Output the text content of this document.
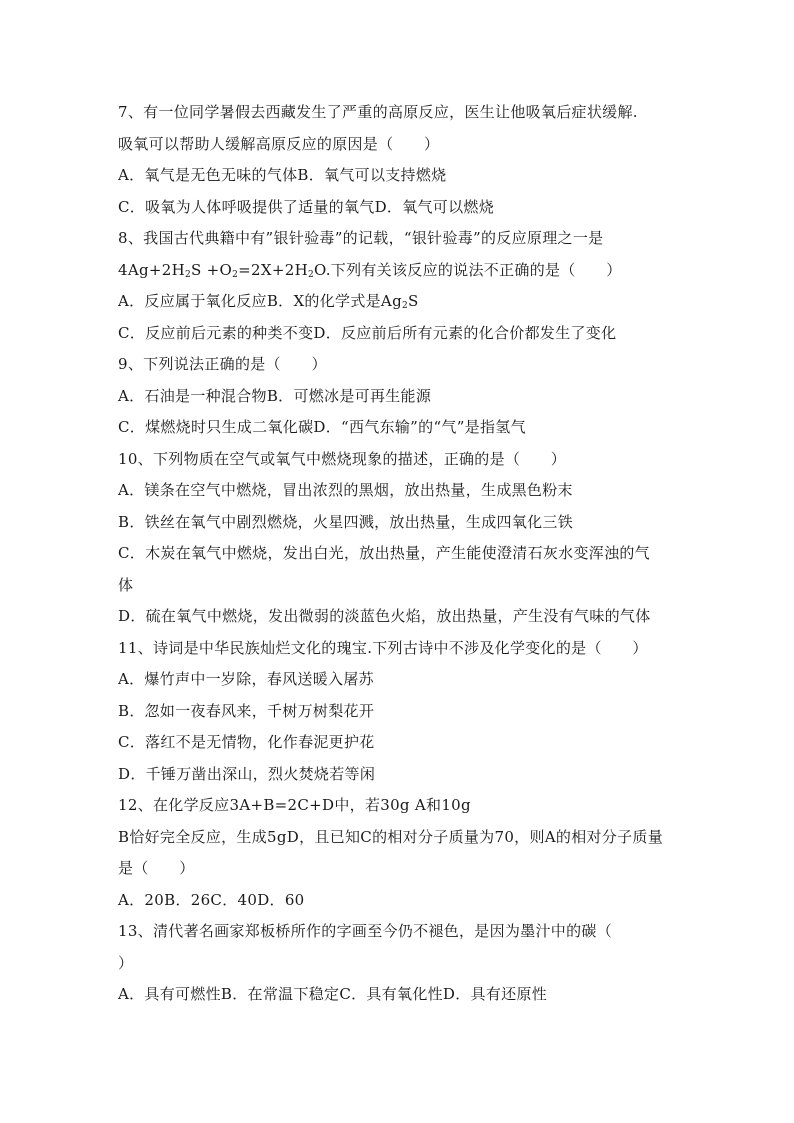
7、有一位同学暑假去西藏发生了严重的高原反应，医生让他吸氧后症状缓解.
吸氧可以帮助人缓解高原反应的原因是（　　）
A．氧气是无色无味的气体B．氧气可以支持燃烧
C．吸氧为人体呼吸提供了适量的氧气D．氧气可以燃烧
8、我国古代典籍中有”银针验毒”的记载，“银针验毒”的反应原理之一是
$4Ag+2H_2S +O_2=2X+2H_2O$.下列有关该反应的说法不正确的是（　　）
A．反应属于氧化反应B．X的化学式是$Ag_2S$
C．反应前后元素的种类不变D．反应前后所有元素的化合价都发生了变化
9、下列说法正确的是（　　）
A．石油是一种混合物B．可燃冰是可再生能源
C．煤燃烧时只生成二氧化碳D．“西气东输”的“气”是指氢气
10、下列物质在空气或氧气中燃烧现象的描述，正确的是（　　）
A．镁条在空气中燃烧，冒出浓烈的黑烟，放出热量，生成黑色粉末
B．铁丝在氧气中剧烈燃烧，火星四溅，放出热量，生成四氧化三铁
C．木炭在氧气中燃烧，发出白光，放出热量，产生能使澄清石灰水变浑浊的气
体
D．硫在氧气中燃烧，发出微弱的淡蓝色火焰，放出热量，产生没有气味的气体
11、诗词是中华民族灿烂文化的瑰宝.下列古诗中不涉及化学变化的是（　　）
A．爆竹声中一岁除，春风送暖入屠苏
B．忽如一夜春风来，千树万树梨花开
C．落红不是无情物，化作春泥更护花
D．千锤万凿出深山，烈火焚烧若等闲
12、在化学反应3A+B=2C+D中，若30g A和10g
B恰好完全反应，生成5gD，且已知C的相对分子质量为70，则A的相对分子质量
是（　　）
A．20B．26C．40D．60
13、清代著名画家郑板桥所作的字画至今仍不褪色，是因为墨汁中的碳（
）
A．具有可燃性B．在常温下稳定C．具有氧化性D．具有还原性
